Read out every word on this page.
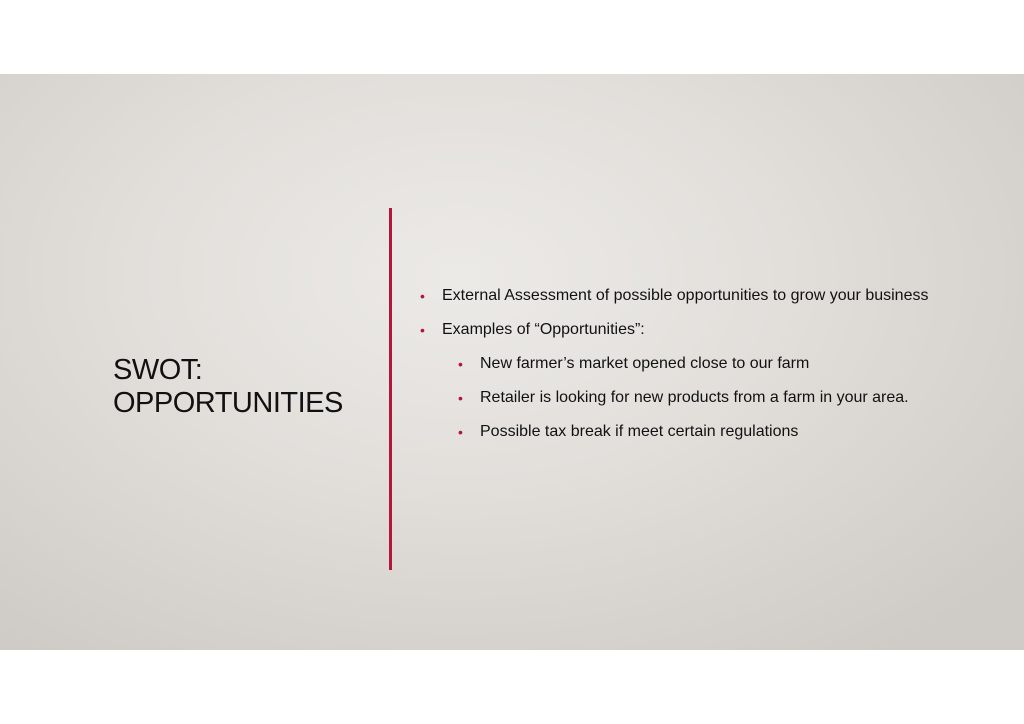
SWOT:
OPPORTUNITIES
• External Assessment of possible opportunities to grow your business
• Examples of “Opportunities”:
• New farmer’s market opened close to our farm
• Retailer is looking for new products from a farm in your area.
• Possible tax break if meet certain regulations
